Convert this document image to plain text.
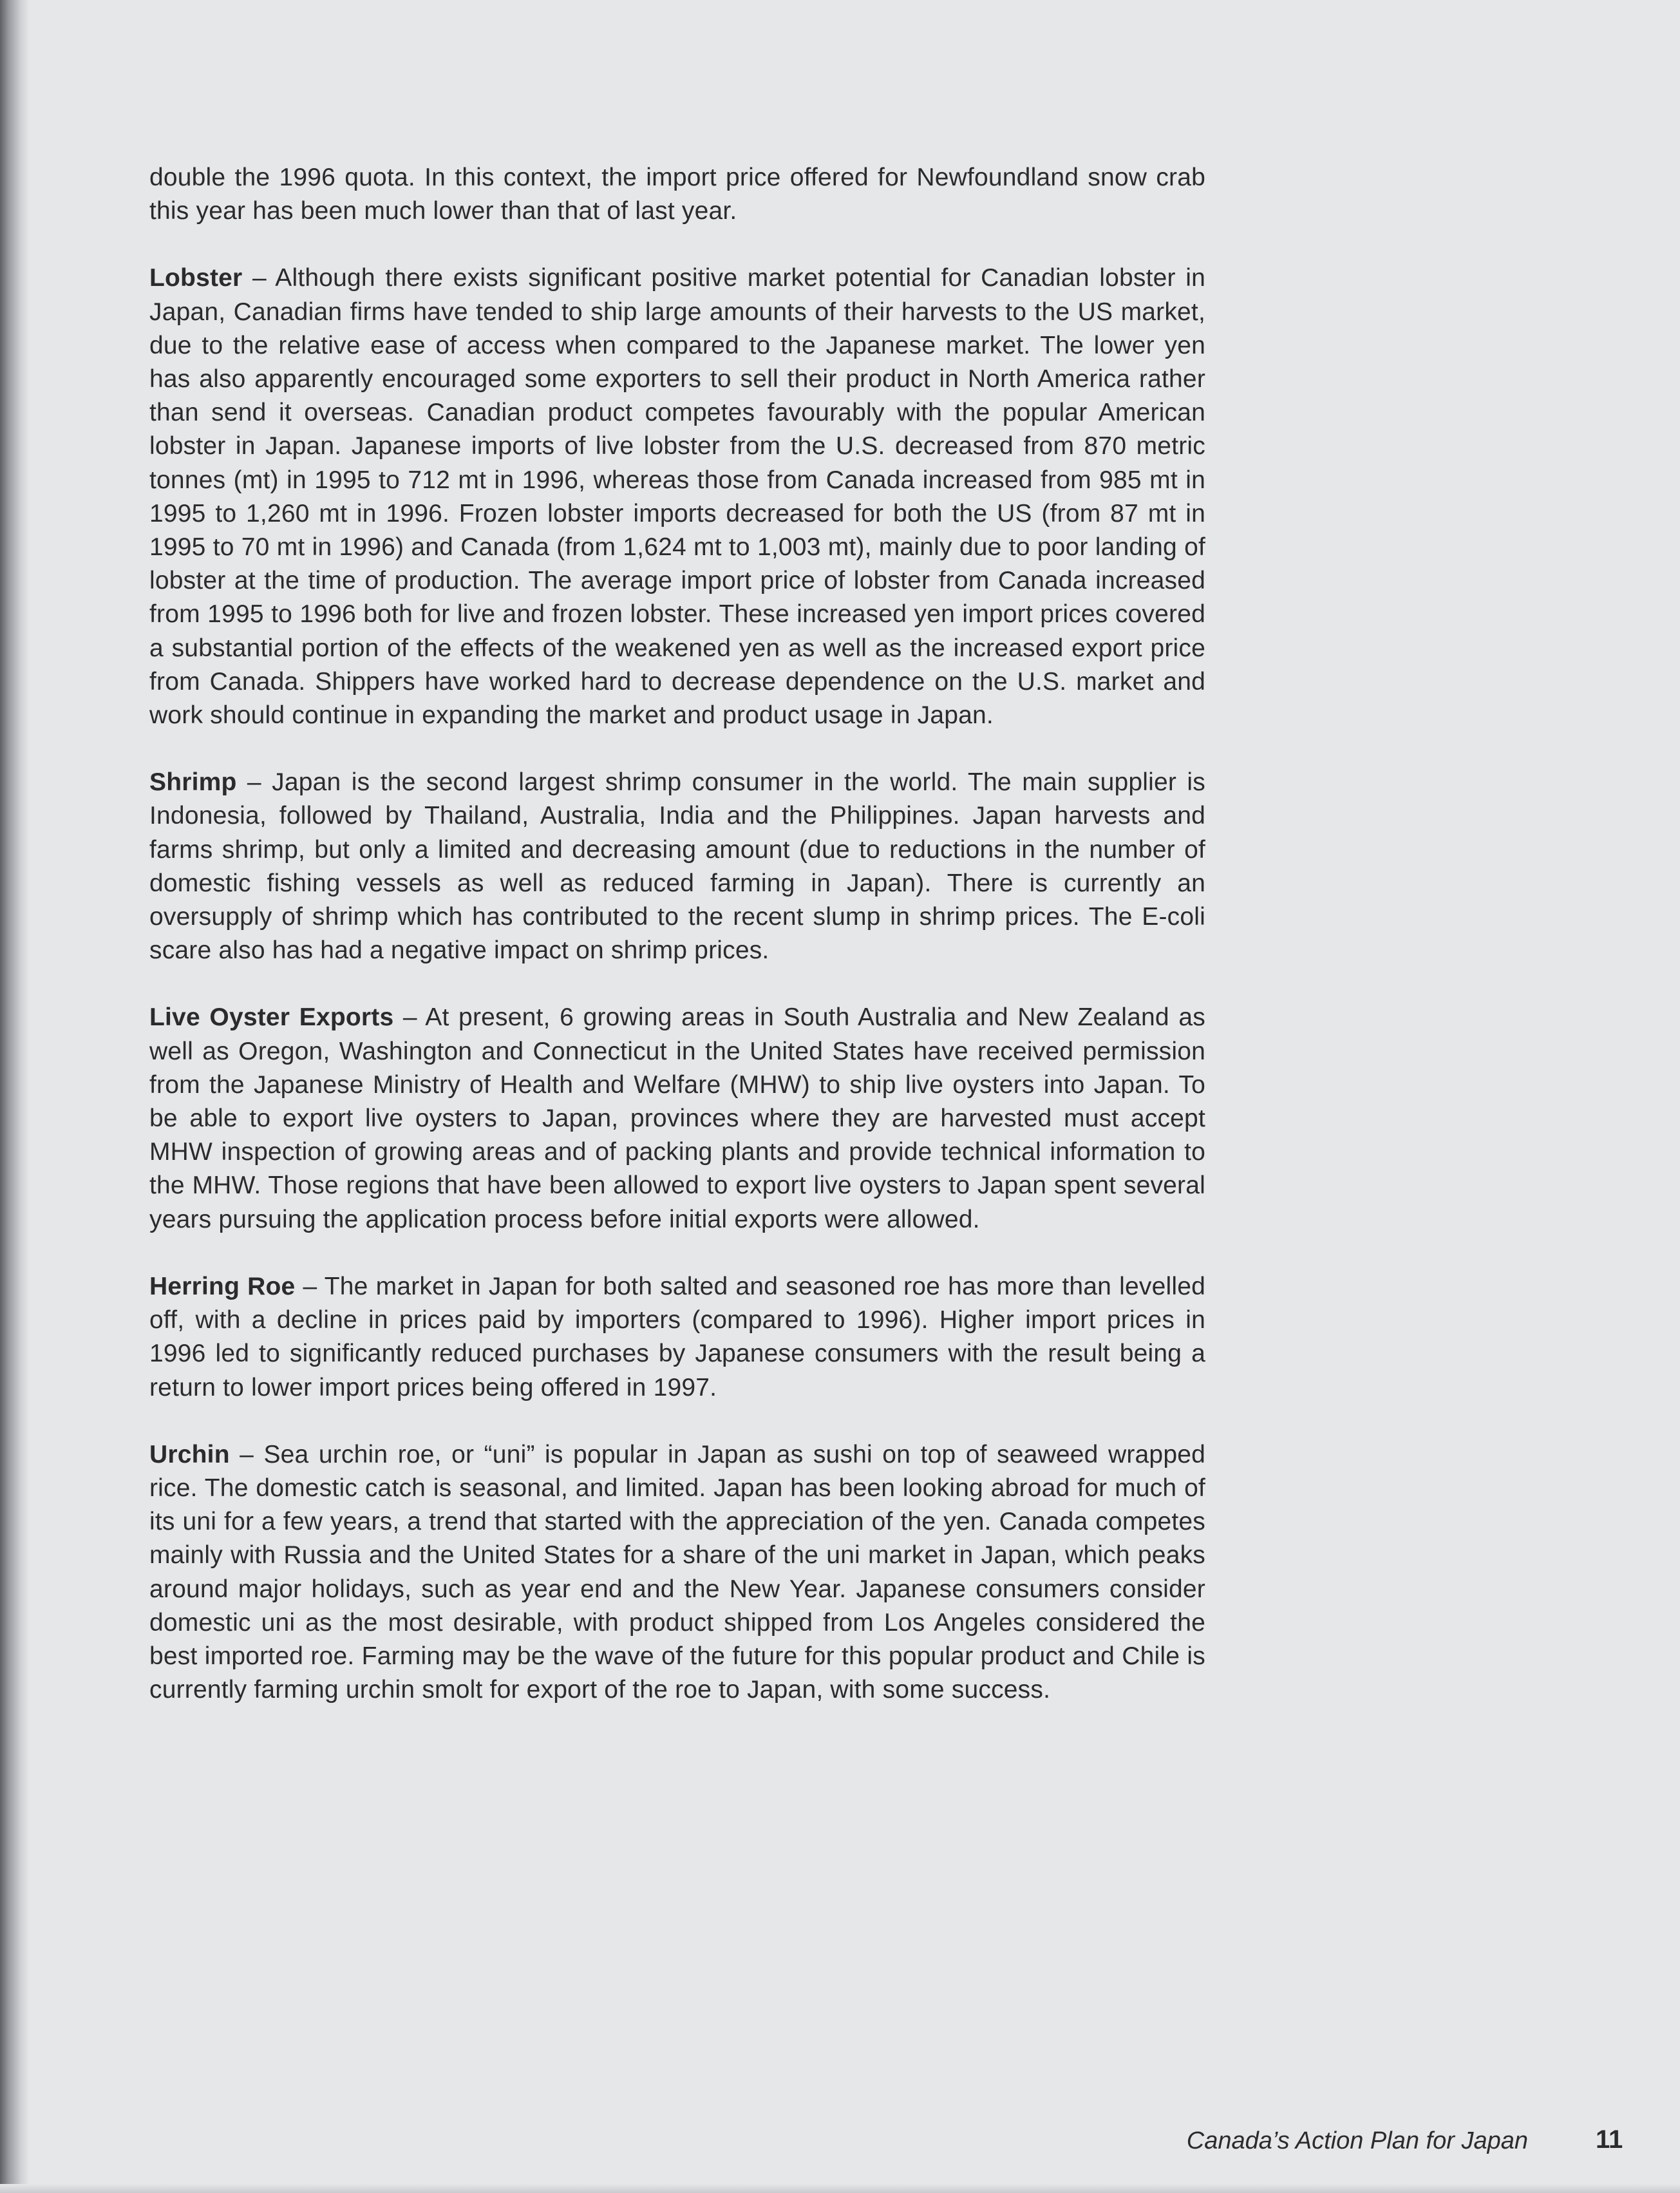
double the 1996 quota. In this context, the import price offered for Newfoundland snow crab this year has been much lower than that of last year.

Lobster – Although there exists significant positive market potential for Canadian lobster in Japan, Canadian firms have tended to ship large amounts of their harvests to the US market, due to the relative ease of access when compared to the Japanese market. The lower yen has also apparently encouraged some exporters to sell their product in North America rather than send it overseas. Canadian product competes favourably with the popular American lobster in Japan. Japanese imports of live lobster from the U.S. decreased from 870 metric tonnes (mt) in 1995 to 712 mt in 1996, whereas those from Canada increased from 985 mt in 1995 to 1,260 mt in 1996. Frozen lobster imports decreased for both the US (from 87 mt in 1995 to 70 mt in 1996) and Canada (from 1,624 mt to 1,003 mt), mainly due to poor landing of lobster at the time of production. The average import price of lobster from Canada increased from 1995 to 1996 both for live and frozen lobster. These increased yen import prices covered a substantial portion of the effects of the weakened yen as well as the increased export price from Canada. Shippers have worked hard to decrease dependence on the U.S. market and work should continue in expanding the market and product usage in Japan.

Shrimp – Japan is the second largest shrimp consumer in the world. The main supplier is Indonesia, followed by Thailand, Australia, India and the Philippines. Japan harvests and farms shrimp, but only a limited and decreasing amount (due to reductions in the number of domestic fishing vessels as well as reduced farming in Japan). There is currently an oversupply of shrimp which has contributed to the recent slump in shrimp prices. The E-coli scare also has had a negative impact on shrimp prices.

Live Oyster Exports – At present, 6 growing areas in South Australia and New Zealand as well as Oregon, Washington and Connecticut in the United States have received permission from the Japanese Ministry of Health and Welfare (MHW) to ship live oysters into Japan. To be able to export live oysters to Japan, provinces where they are harvested must accept MHW inspection of growing areas and of packing plants and provide technical information to the MHW. Those regions that have been allowed to export live oysters to Japan spent several years pursuing the application process before initial exports were allowed.

Herring Roe – The market in Japan for both salted and seasoned roe has more than levelled off, with a decline in prices paid by importers (compared to 1996). Higher import prices in 1996 led to significantly reduced purchases by Japanese consumers with the result being a return to lower import prices being offered in 1997.

Urchin – Sea urchin roe, or “uni” is popular in Japan as sushi on top of seaweed wrapped rice. The domestic catch is seasonal, and limited. Japan has been looking abroad for much of its uni for a few years, a trend that started with the appreciation of the yen. Canada competes mainly with Russia and the United States for a share of the uni market in Japan, which peaks around major holidays, such as year end and the New Year. Japanese consumers consider domestic uni as the most desirable, with product shipped from Los Angeles considered the best imported roe. Farming may be the wave of the future for this popular product and Chile is currently farming urchin smolt for export of the roe to Japan, with some success.

Canada’s Action Plan for Japan	11
